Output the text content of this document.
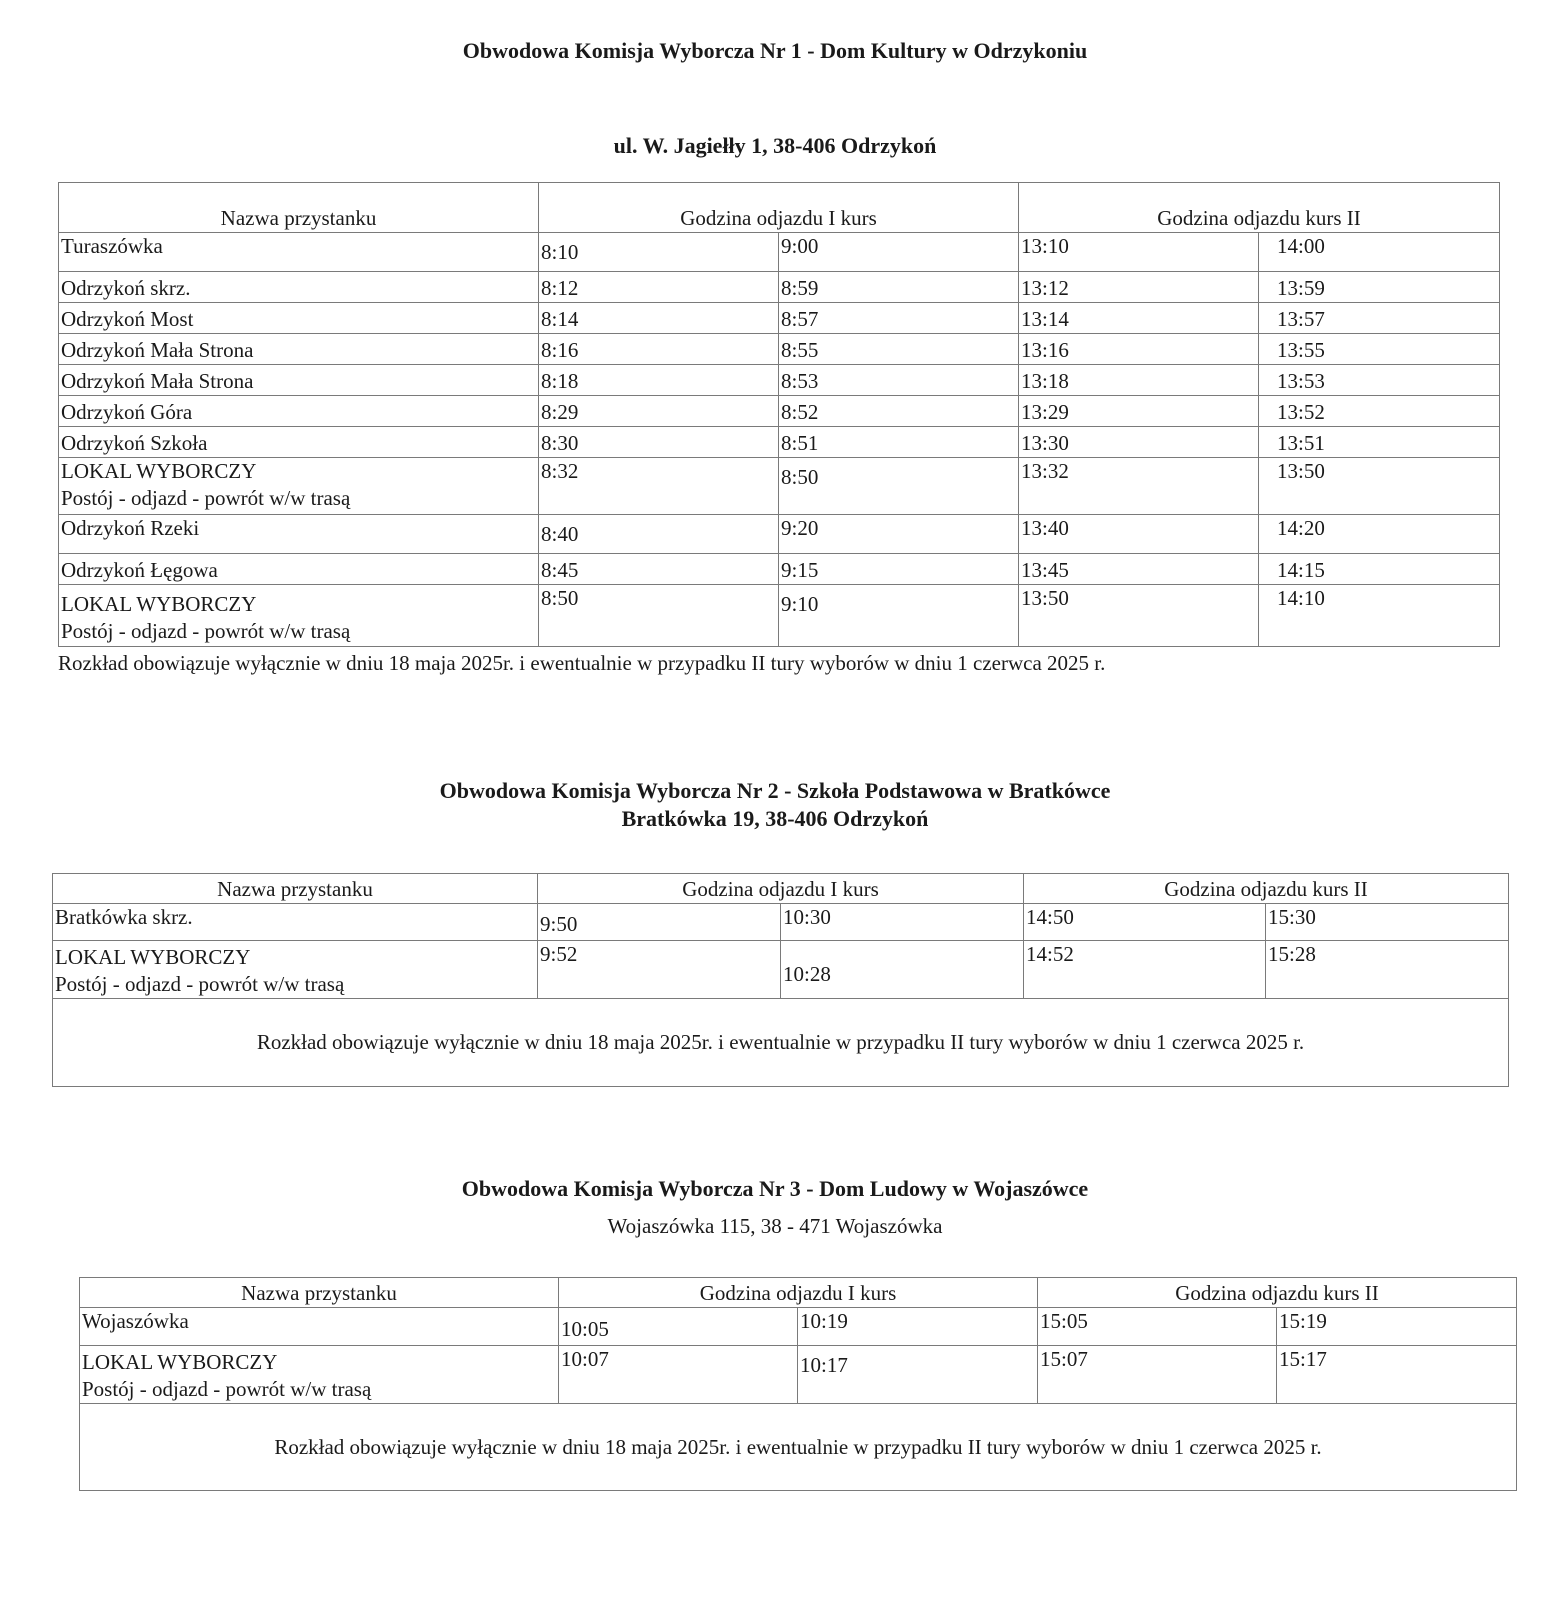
Obwodowa Komisja Wyborcza Nr 1 - Dom Kultury w Odrzykoniu
ul. W. Jagiełły 1, 38-406 Odrzykoń
Nazwa przystanku	Godzina odjazdu I kurs		Godzina odjazdu kurs II	
Turaszówka	8:10	9:00	13:10	14:00
Odrzykoń skrz.	8:12	8:59	13:12	13:59
Odrzykoń Most	8:14	8:57	13:14	13:57
Odrzykoń Mała Strona	8:16	8:55	13:16	13:55
Odrzykoń Mała Strona	8:18	8:53	13:18	13:53
Odrzykoń Góra	8:29	8:52	13:29	13:52
Odrzykoń Szkoła	8:30	8:51	13:30	13:51

LOKAL WYBORCZY
Postój - odjazd - powrót w/w trasą	8:32	8:50	13:32	13:50
Odrzykoń Rzeki	8:40	9:20	13:40	14:20
Odrzykoń Łęgowa	8:45	9:15	13:45	14:15

LOKAL WYBORCZY
Postój - odjazd - powrót w/w trasą	8:50	9:10	13:50	14:10

Rozkład obowiązuje wyłącznie w dniu 18 maja 2025r. i ewentualnie w przypadku II tury wyborów w dniu 1 czerwca 2025 r.

Obwodowa Komisja Wyborcza Nr 2 - Szkoła Podstawowa w Bratkówce
Bratkówka 19, 38-406 Odrzykoń
Nazwa przystanku	Godzina odjazdu I kurs		Godzina odjazdu kurs II	
Bratkówka skrz.	9:50	10:30	14:50	15:30

LOKAL WYBORCZY
Postój - odjazd - powrót w/w trasą	9:52	10:28	14:52	15:28
Rozkład obowiązuje wyłącznie w dniu 18 maja 2025r. i ewentualnie w przypadku II tury wyborów w dniu 1 czerwca 2025 r.				
Obwodowa Komisja Wyborcza Nr 3 - Dom Ludowy w Wojaszówce
Wojaszówka 115, 38 - 471 Wojaszówka
Nazwa przystanku	Godzina odjazdu I kurs		Godzina odjazdu kurs II	
Wojaszówka	10:05	10:19	15:05	15:19

LOKAL WYBORCZY
Postój - odjazd - powrót w/w trasą	10:07	10:17	15:07	15:17
Rozkład obowiązuje wyłącznie w dniu 18 maja 2025r. i ewentualnie w przypadku II tury wyborów w dniu 1 czerwca 2025 r.				
